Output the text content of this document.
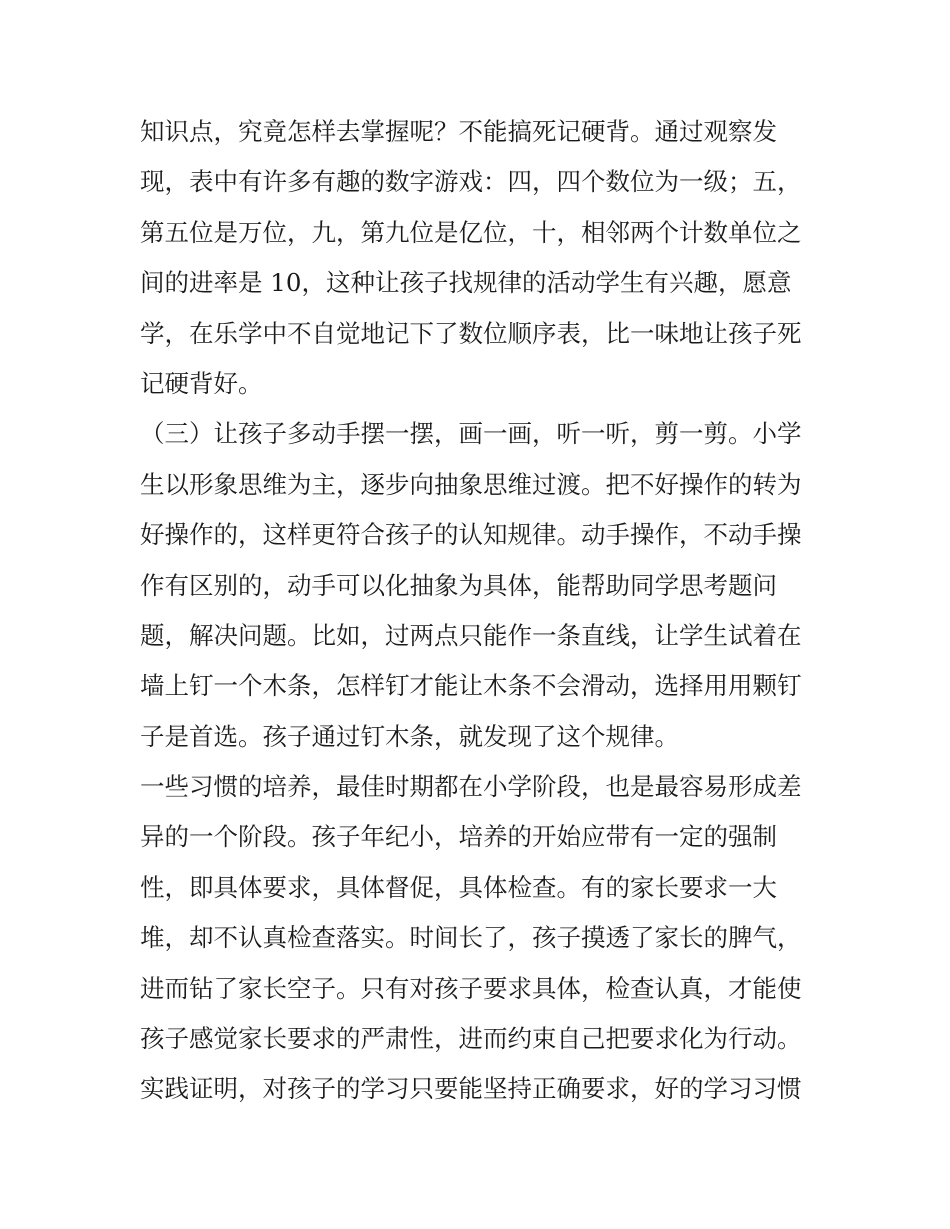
知识点，究竟怎样去掌握呢？不能搞死记硬背。通过观察发
现，表中有许多有趣的数字游戏：四，四个数位为一级；五，
第五位是万位，九，第九位是亿位，十，相邻两个计数单位之
间的进率是 10，这种让孩子找规律的活动学生有兴趣，愿意
学，在乐学中不自觉地记下了数位顺序表，比一味地让孩子死
记硬背好。
（三）让孩子多动手摆一摆，画一画，听一听，剪一剪。小学
生以形象思维为主，逐步向抽象思维过渡。把不好操作的转为
好操作的，这样更符合孩子的认知规律。动手操作，不动手操
作有区别的，动手可以化抽象为具体，能帮助同学思考题问
题，解决问题。比如，过两点只能作一条直线，让学生试着在
墙上钉一个木条，怎样钉才能让木条不会滑动，选择用用颗钉
子是首选。孩子通过钉木条，就发现了这个规律。
一些习惯的培养，最佳时期都在小学阶段，也是最容易形成差
异的一个阶段。孩子年纪小，培养的开始应带有一定的强制
性，即具体要求，具体督促，具体检查。有的家长要求一大
堆，却不认真检查落实。时间长了，孩子摸透了家长的脾气，
进而钻了家长空子。只有对孩子要求具体，检查认真，才能使
孩子感觉家长要求的严肃性，进而约束自己把要求化为行动。
实践证明，对孩子的学习只要能坚持正确要求，好的学习习惯
